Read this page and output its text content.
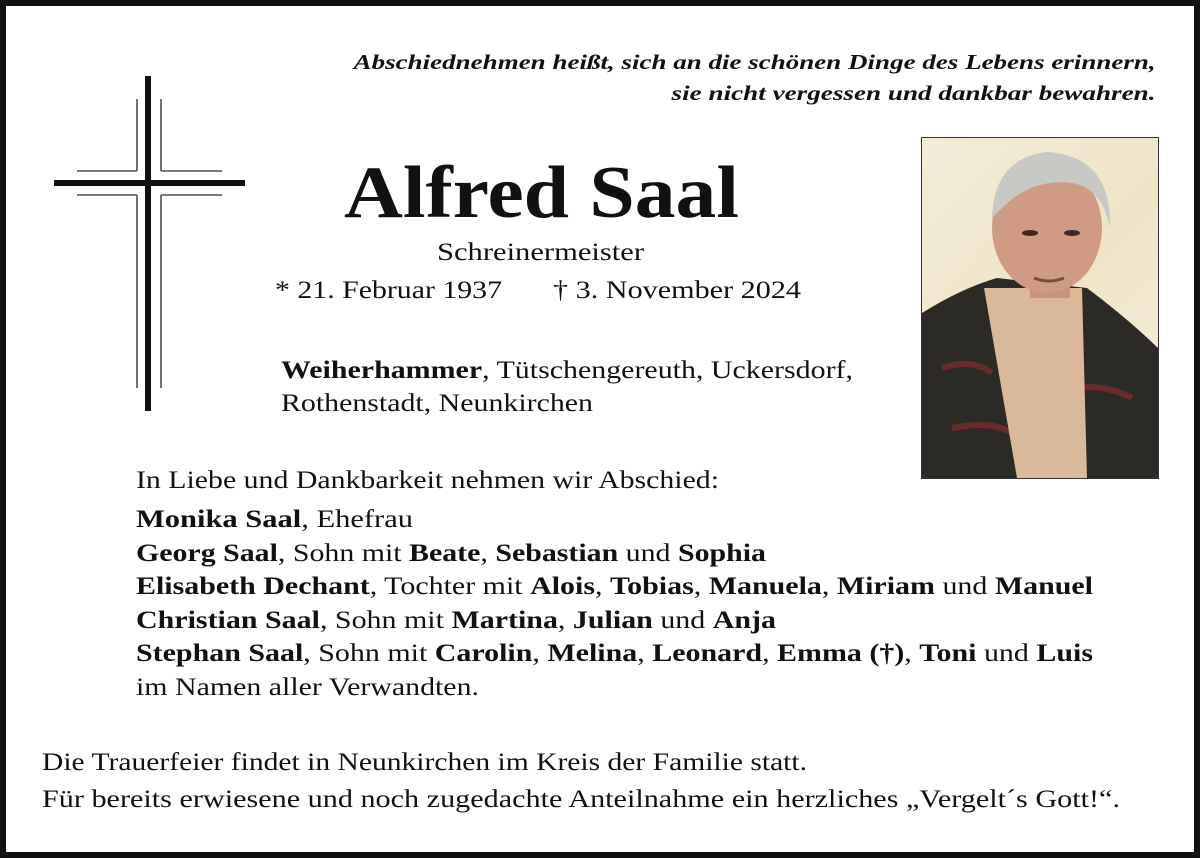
Abschiednehmen heißt, sich an die schönen Dinge des Lebens erinnern,
sie nicht vergessen und dankbar bewahren.
Alfred Saal
Schreinermeister
* 21. Februar 1937 † 3. November 2024
Weiherhammer, Tütschengereuth, Uckersdorf,
Rothenstadt, Neunkirchen
In Liebe und Dankbarkeit nehmen wir Abschied:
Monika Saal, Ehefrau
Georg Saal, Sohn mit Beate, Sebastian und Sophia
Elisabeth Dechant, Tochter mit Alois, Tobias, Manuela, Miriam und Manuel
Christian Saal, Sohn mit Martina, Julian und Anja
Stephan Saal, Sohn mit Carolin, Melina, Leonard, Emma (†), Toni und Luis
im Namen aller Verwandten.
Die Trauerfeier findet in Neunkirchen im Kreis der Familie statt.
Für bereits erwiesene und noch zugedachte Anteilnahme ein herzliches „Vergelt´s Gott!“.
